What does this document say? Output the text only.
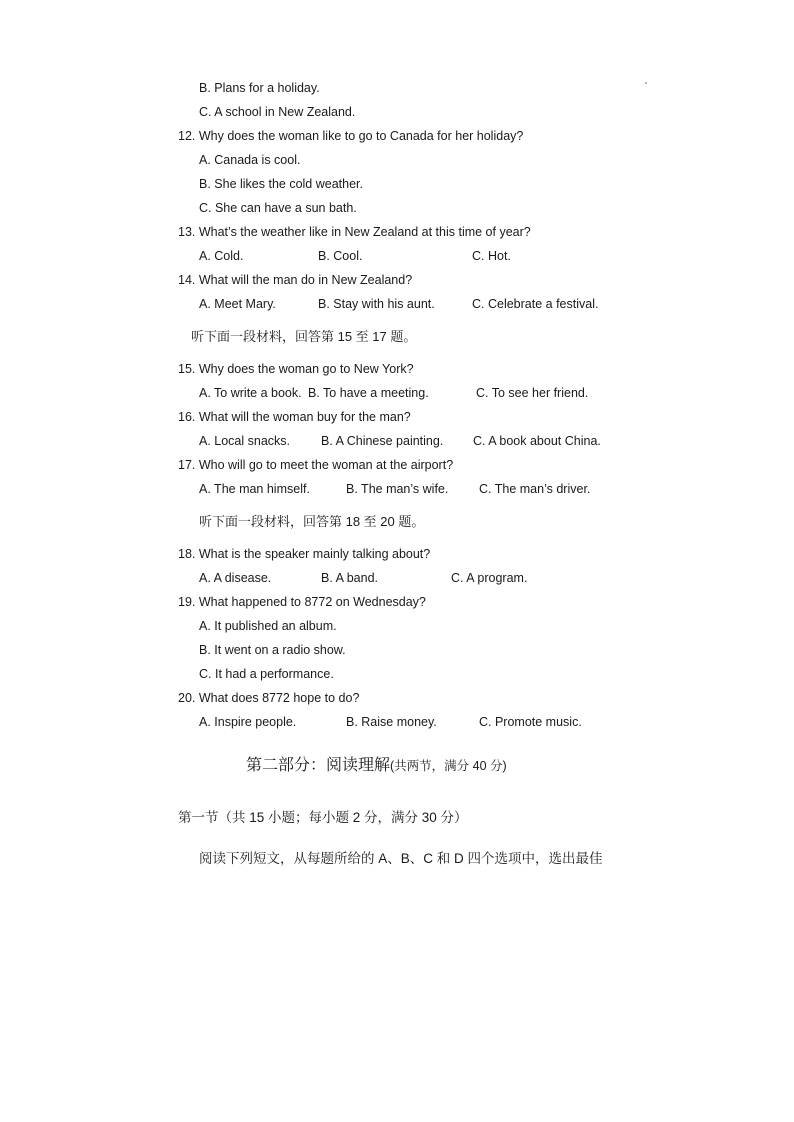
B. Plans for a holiday.
C. A school in New Zealand.
12. Why does the woman like to go to Canada for her holiday?
A. Canada is cool.
B. She likes the cold weather.
C. She can have a sun bath.
13. What’s the weather like in New Zealand at this time of year?
A. Cold.	B. Cool.	C. Hot.
14. What will the man do in New Zealand?
A. Meet Mary.	B. Stay with his aunt.	C. Celebrate a festival.
听下面一段材料，回答第 15 至 17 题。
15. Why does the woman go to New York?
A. To write a book. B. To have a meeting.	C. To see her friend.
16. What will the woman buy for the man?
A. Local snacks. B. A Chinese painting. C. A book about China.
17. Who will go to meet the woman at the airport?
A. The man himself.	B. The man’s wife. C. The man’s driver.
听下面一段材料，回答第 18 至 20 题。
18. What is the speaker mainly talking about?
A. A disease.	B. A band.	C. A program.
19. What happened to 8772 on Wednesday?
A. It published an album.
B. It went on a radio show.
C. It had a performance.
20. What does 8772 hope to do?
A. Inspire people.	B. Raise money.	C. Promote music.
第二部分：阅读理解(共两节，满分 40 分)
第一节（共 15 小题；每小题 2 分，满分 30 分）
阅读下列短文，从每题所给的 A、B、C 和 D 四个选项中，选出最佳
